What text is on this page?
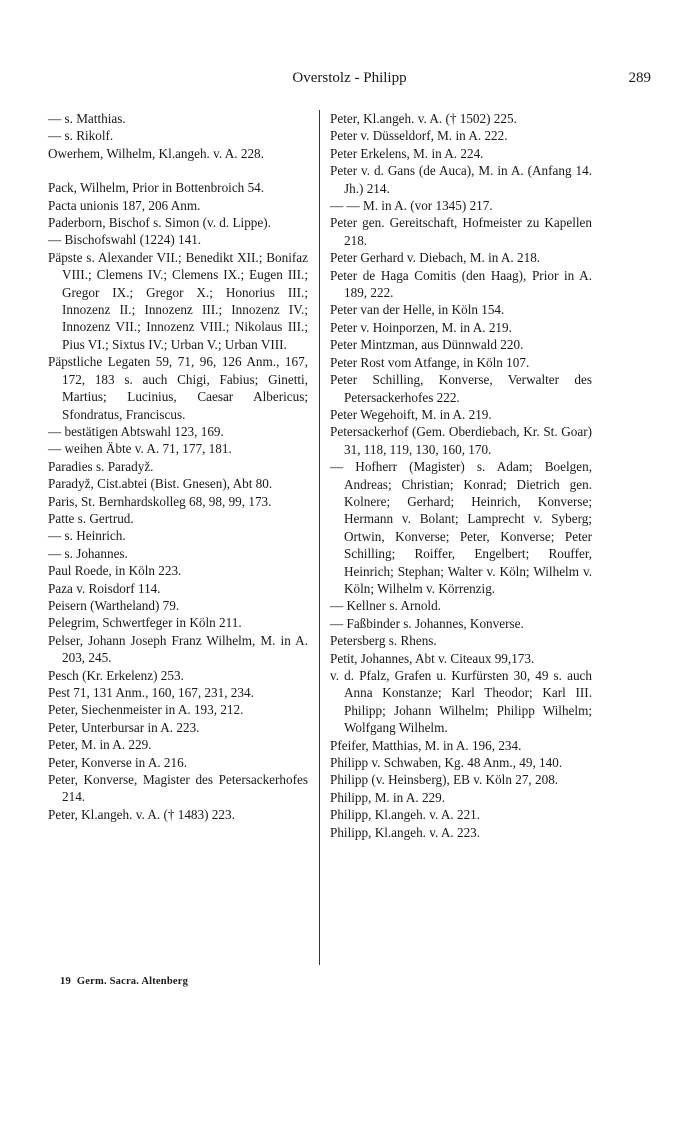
Overstolz - Philipp	289

— s. Matthias.

— s. Rikolf.

Owerhem, Wilhelm, Kl.angeh. v. A. 228.

Pack, Wilhelm, Prior in Bottenbroich 54.

Pacta unionis 187, 206 Anm.

Paderborn, Bischof s. Simon (v. d. Lippe).

— Bischofswahl (1224) 141.

Päpste s. Alexander VII.; Benedikt XII.; Bonifaz VIII.; Clemens IV.; Clemens IX.; Eugen III.; Gregor IX.; Gregor X.; Honorius III.; Innozenz II.; Innozenz III.; Innozenz IV.; Innozenz VII.; Innozenz VIII.; Nikolaus III.; Pius VI.; Sixtus IV.; Urban V.; Urban VIII.

Päpstliche Legaten 59, 71, 96, 126 Anm., 167, 172, 183 s. auch Chigi, Fabius; Ginetti, Martius; Lucinius, Caesar Albericus; Sfondratus, Franciscus.

— bestätigen Abtswahl 123, 169.

— weihen Äbte v. A. 71, 177, 181.

Paradies s. Paradyž.

Paradyž, Cist.abtei (Bist. Gnesen), Abt 80.

Paris, St. Bernhardskolleg 68, 98, 99, 173.

Patte s. Gertrud.

— s. Heinrich.

— s. Johannes.

Paul Roede, in Köln 223.

Paza v. Roisdorf 114.

Peisern (Wartheland) 79.

Pelegrim, Schwertfeger in Köln 211.

Pelser, Johann Joseph Franz Wilhelm, M. in A. 203, 245.

Pesch (Kr. Erkelenz) 253.

Pest 71, 131 Anm., 160, 167, 231, 234.

Peter, Siechenmeister in A. 193, 212.

Peter, Unterbursar in A. 223.

Peter, M. in A. 229.

Peter, Konverse in A. 216.

Peter, Konverse, Magister des Petersackerhofes 214.

Peter, Kl.angeh. v. A. († 1483) 223.

Peter, Kl.angeh. v. A. († 1502) 225.

Peter v. Düsseldorf, M. in A. 222.

Peter Erkelens, M. in A. 224.

Peter v. d. Gans (de Auca), M. in A. (Anfang 14. Jh.) 214.

— — M. in A. (vor 1345) 217.

Peter gen. Gereitschaft, Hofmeister zu Kapellen 218.

Peter Gerhard v. Diebach, M. in A. 218.

Peter de Haga Comitis (den Haag), Prior in A. 189, 222.

Peter van der Helle, in Köln 154.

Peter v. Hoinporzen, M. in A. 219.

Peter Mintzman, aus Dünnwald 220.

Peter Rost vom Atfange, in Köln 107.

Peter Schilling, Konverse, Verwalter des Petersackerhofes 222.

Peter Wegehoift, M. in A. 219.

Petersackerhof (Gem. Oberdiebach, Kr. St. Goar) 31, 118, 119, 130, 160, 170.

— Hofherr (Magister) s. Adam; Boelgen, Andreas; Christian; Konrad; Dietrich gen. Kolnere; Gerhard; Heinrich, Konverse; Hermann v. Bolant; Lamprecht v. Syberg; Ortwin, Konverse; Peter, Konverse; Peter Schilling; Roiffer, Engelbert; Rouffer, Heinrich; Stephan; Walter v. Köln; Wilhelm v. Köln; Wilhelm v. Körrenzig.

— Kellner s. Arnold.

— Faßbinder s. Johannes, Konverse.

Petersberg s. Rhens.

Petit, Johannes, Abt v. Citeaux 99,173.

v. d. Pfalz, Grafen u. Kurfürsten 30, 49 s. auch Anna Konstanze; Karl Theodor; Karl III. Philipp; Johann Wilhelm; Philipp Wilhelm; Wolfgang Wilhelm.

Pfeifer, Matthias, M. in A. 196, 234.

Philipp v. Schwaben, Kg. 48 Anm., 49, 140.

Philipp (v. Heinsberg), EB v. Köln 27, 208.

Philipp, M. in A. 229.

Philipp, Kl.angeh. v. A. 221.

Philipp, Kl.angeh. v. A. 223.

19 Germ. Sacra. Altenberg
